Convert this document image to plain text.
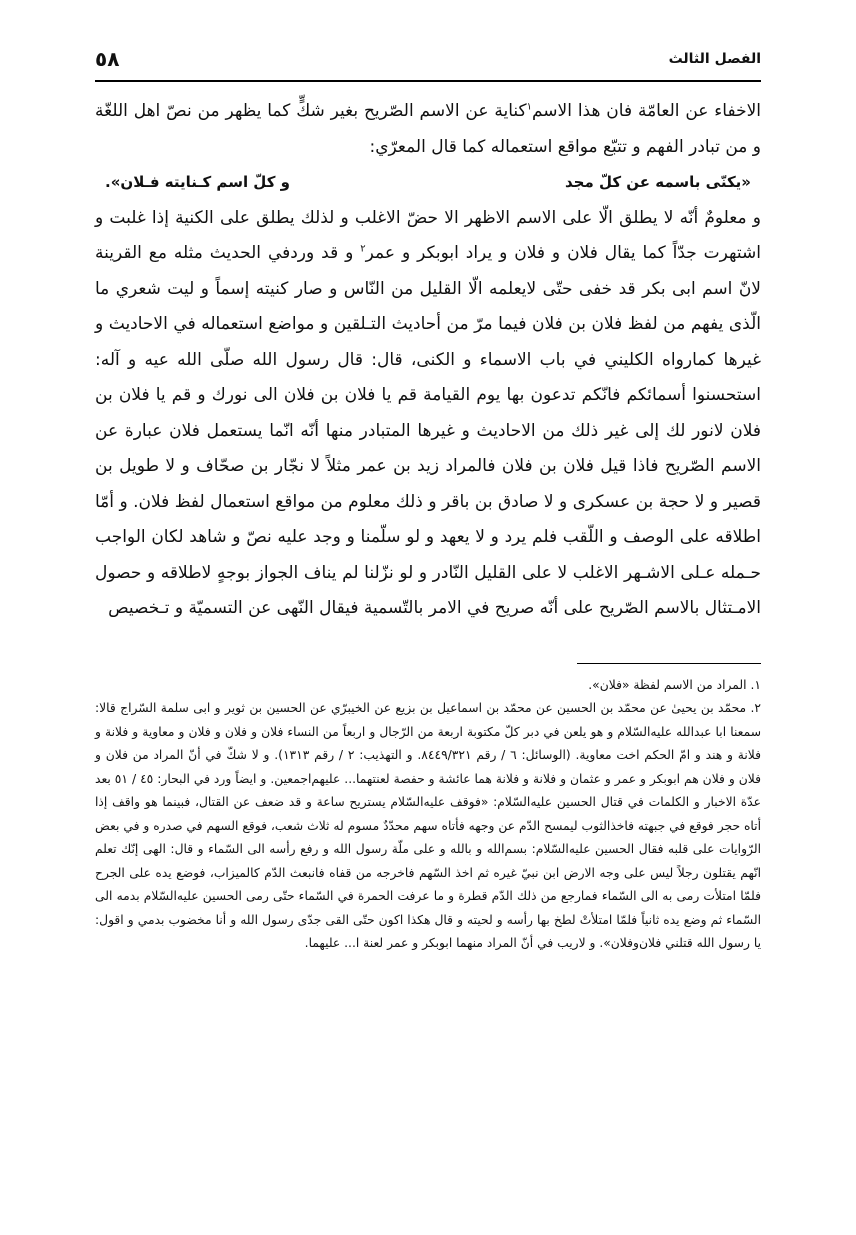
الفصل الثالث
٥٨

الاخفاء عن العامّة فان هذا الاسم$^١$كناية عن الاسم الصّريح بغير شكٍّ كما يظهر من نصّ اهل اللغّة و من تبادر الفهم و تتبّع مواقع استعماله كما قال المعرّي:

«يكنّى باسمه عن كلّ مجد
و كلّ اسم كـنايته فـلان».

و معلومٌ أنّه لا يطلق الّا على الاسم الاظهر الا حضّ الاغلب و لذلك يطلق على الكنية إذا غلبت و اشتهرت جدّاً كما يقال فلان و فلان و يراد ابوبكر و عمر$^٢$ و قد وردفي الحديث مثله مع القرينة لانّ اسم ابى بكر قد خفى حتّى لايعلمه الّا القليل من النّاس و صار كنيته إسماً و ليت شعري ما الّذى يفهم من لفظ فلان بن فلان فيما مرّ من أحاديث التـلقين و مواضع استعماله في الاحاديث و غيرها كمارواه الكليني في باب الاسماء و الكنى، قال: قال رسول الله صلّى الله عيه و آله: استحسنوا أسمائكم فانّكم تدعون بها يوم القيامة قم يا فلان بن فلان الى نورك و قم يا فلان بن فلان لانور لك إلى غير ذلك من الاحاديث و غيرها المتبادر منها أنّه انّما يستعمل فلان عبارة عن الاسم الصّريح فاذا قيل فلان بن فلان فالمراد زيد بن عمر مثلاً لا نجّار بن صحّاف و لا طويل بن قصير و لا حجة بن عسكرى و لا صادق بن باقر و ذلك معلوم من مواقع استعمال لفظ فلان. و أمّا اطلاقه على الوصف و اللّقب فلم يرد و لا يعهد و لو سلّمنا و وجد عليه نصّ و شاهد لكان الواجب حـمله عـلى الاشـهر الاغلب لا على القليل النّادر و لو نزّلنا لم يناف الجواز بوجهٍ لاطلاقه و حصول الامـتثال بالاسم الصّريح على أنّه صريح في الامر بالتّسمية فيقال النّهى عن التسميّة و تـخصيص

١. المراد من الاسم لفظة «فلان».

٢. محمّد بن يحيىٰ عن محمّد بن الحسين عن محمّد بن اسماعيل بن بزيع عن الخيبرّي عن الحسين بن ثوير و ابى سلمة السّراج قالا: سمعنا ابا عبدالله عليه‌السّلام و هو يلعن في دبر كلّ مكتوبة اربعة من الرّجال و اربعاً من النساء فلان و فلان و فلان و معاوية و فلانة و فلانة و هند و امّ الحكم اخت معاوية. (الوسائل: ٦ / رقم ٨٤٤٩/٣٢١. و التهذيب: ٢ / رقم ١٣١٣). و لا شكّ في أنّ المراد من فلان و فلان و فلان هم ابوبكر و عمر و عثمان و فلانة و فلانة هما عائشة و حفصة لعنتهما... عليهم‌اجمعين. و ايضاً ورد في البحار: ٤٥ / ٥١ بعد عدّة الاخبار و الكلمات في قتال الحسين عليه‌السّلام: «فوقف عليه‌السّلام يستريح ساعة و قد ضعف عن القتال، فبينما هو واقف إذا أتاه حجر فوقع في جبهته فاخذالثوب ليمسح الدّم عن وجهه فأتاه سهم محدّدٌ مسوم له ثلاث شعب، فوقع السهم في صدره و في بعض الرّوايات على قلبه فقال الحسين عليه‌السّلام: بسم‌الله و بالله و على ملّة رسول الله و رفع رأسه الى السّماء و قال: الهى إنّك تعلم انّهم يقتلون رجلاً ليس على وجه الارض ابن نبيّ غيره ثم اخذ السّهم فاخرجه من قفاه فانبعث الدّم كالميزاب، فوضع يده على الجرح فلمّا امتلأت رمى به الى السّماء فمارجع من ذلك الدّم قطرة و ما عرفت الحمرة في السّماء حتّى رمى الحسين عليه‌السّلام بدمه الى السّماء ثم وضع يده ثانياً فلمّا امتلأتْ لطخ بها رأسه و لحيته و قال هكذا اكون حتّى القى جدّى رسول الله و أنا مخضوب بدمي و اقول: يا رسول الله قتلني فلان‌وفلان». و لاريب في أنّ المراد منهما ابوبكر و عمر لعنة ا... عليهما.
